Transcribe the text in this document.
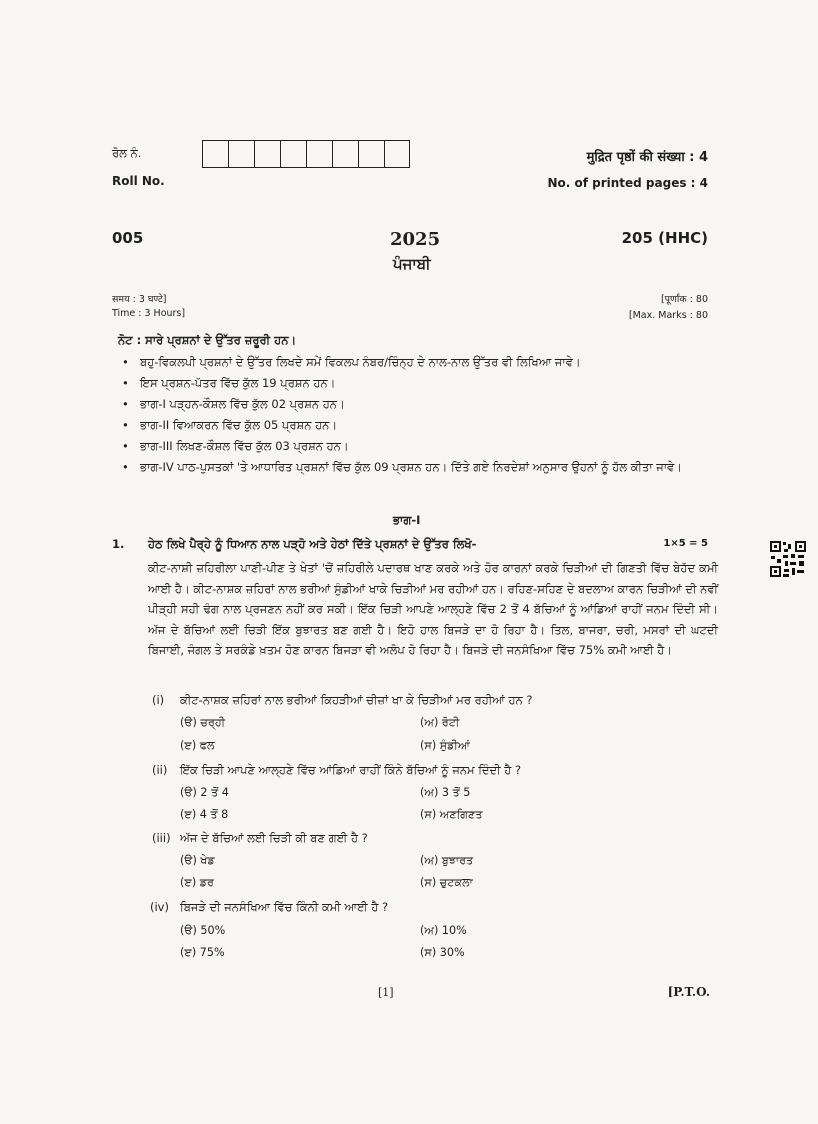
ਰੋਲ ਨੰ.	मुद्रित पृष्ठों की संख्या : 4
Roll No.	No. of printed pages : 4
005	2025	205 (HHC)
ਪੰਜਾਬੀ
समय : 3 घण्टे]	[पूर्णांक : 80
Time : 3 Hours]	[Max. Marks : 80
ਨੋਟ : ਸਾਰੇ ਪ੍ਰਸ਼ਨਾਂ ਦੇ ਉੱਤਰ ਜ਼ਰੂਰੀ ਹਨ।
• ਬਹੁ-ਵਿਕਲਪੀ ਪ੍ਰਸ਼ਨਾਂ ਦੇ ਉੱਤਰ ਲਿਖਦੇ ਸਮੇਂ ਵਿਕਲਪ ਨੰਬਰ/ਚਿੰਨ੍ਹ ਦੇ ਨਾਲ-ਨਾਲ ਉੱਤਰ ਵੀ ਲਿਖਿਆ ਜਾਵੇ।
• ਇਸ ਪ੍ਰਸ਼ਨ-ਪੱਤਰ ਵਿੱਚ ਕੁੱਲ 19 ਪ੍ਰਸ਼ਨ ਹਨ।
• ਭਾਗ-I ਪੜ੍ਹਨ-ਕੌਸ਼ਲ ਵਿੱਚ ਕੁੱਲ 02 ਪ੍ਰਸ਼ਨ ਹਨ।
• ਭਾਗ-II ਵਿਆਕਰਨ ਵਿੱਚ ਕੁੱਲ 05 ਪ੍ਰਸ਼ਨ ਹਨ।
• ਭਾਗ-III ਲਿਖਣ-ਕੌਸ਼ਲ ਵਿੱਚ ਕੁੱਲ 03 ਪ੍ਰਸ਼ਨ ਹਨ।
• ਭਾਗ-IV ਪਾਠ-ਪੁਸਤਕਾਂ 'ਤੇ ਆਧਾਰਿਤ ਪ੍ਰਸ਼ਨਾਂ ਵਿੱਚ ਕੁੱਲ 09 ਪ੍ਰਸ਼ਨ ਹਨ। ਦਿੱਤੇ ਗਏ ਨਿਰਦੇਸ਼ਾਂ ਅਨੁਸਾਰ ਉਹਨਾਂ ਨੂੰ ਹੱਲ ਕੀਤਾ ਜਾਵੇ।
ਭਾਗ-I
1. ਹੇਠ ਲਿਖੇ ਪੈਰ੍ਹੇ ਨੂੰ ਧਿਆਨ ਨਾਲ ਪੜ੍ਹੋ ਅਤੇ ਹੇਠਾਂ ਦਿੱਤੇ ਪ੍ਰਸ਼ਨਾਂ ਦੇ ਉੱਤਰ ਲਿਖੋ-	1×5 = 5
ਕੀਟ-ਨਾਸ਼ੀ ਜ਼ਹਿਰੀਲਾ ਪਾਣੀ-ਪੀਣ ਤੇ ਖੇਤਾਂ 'ਚੋਂ ਜ਼ਹਿਰੀਲੇ ਪਦਾਰਥ ਖਾਣ ਕਰਕੇ ਅਤੇ ਹੋਰ ਕਾਰਨਾਂ ਕਰਕੇ ਚਿੜੀਆਂ ਦੀ ਗਿਣਤੀ ਵਿੱਚ ਬੇਹੱਦ ਕਮੀ ਆਈ ਹੈ। ਕੀਟ-ਨਾਸ਼ਕ ਜ਼ਹਿਰਾਂ ਨਾਲ ਭਰੀਆਂ ਸੁੰਡੀਆਂ ਖਾਕੇ ਚਿੜੀਆਂ ਮਰ ਰਹੀਆਂ ਹਨ। ਰਹਿਣ-ਸਹਿਣ ਦੇ ਬਦਲਾਅ ਕਾਰਨ ਚਿੜੀਆਂ ਦੀ ਨਵੀਂ ਪੀੜ੍ਹੀ ਸਹੀ ਢੰਗ ਨਾਲ ਪ੍ਰਜਣਨ ਨਹੀਂ ਕਰ ਸਕੀ। ਇੱਕ ਚਿੜੀ ਆਪਣੇ ਆਲ੍ਹਣੇ ਵਿੱਚ 2 ਤੋਂ 4 ਬੱਚਿਆਂ ਨੂੰ ਆਂਡਿਆਂ ਰਾਹੀਂ ਜਨਮ ਦਿੰਦੀ ਸੀ। ਅੱਜ ਦੇ ਬੱਚਿਆਂ ਲਈ ਚਿੜੀ ਇੱਕ ਬੁਝਾਰਤ ਬਣ ਗਈ ਹੈ। ਇਹੋ ਹਾਲ ਬਿਜੜੇ ਦਾ ਹੋ ਰਿਹਾ ਹੈ। ਤਿਲ, ਬਾਜਰਾ, ਚਰੀ, ਮਸਰਾਂ ਦੀ ਘਟਦੀ ਬਿਜਾਈ, ਜੰਗਲ ਤੇ ਸਰਕੰਡੇ ਖ਼ਤਮ ਹੋਣ ਕਾਰਨ ਬਿਜੜਾ ਵੀ ਅਲੋਪ ਹੋ ਰਿਹਾ ਹੈ। ਬਿਜੜੇ ਦੀ ਜਨਸੰਖਿਆ ਵਿੱਚ 75% ਕਮੀ ਆਈ ਹੈ।
(i) ਕੀਟ-ਨਾਸ਼ਕ ਜ਼ਹਿਰਾਂ ਨਾਲ ਭਰੀਆਂ ਕਿਹੜੀਆਂ ਚੀਜ਼ਾਂ ਖਾ ਕੇ ਚਿੜੀਆਂ ਮਰ ਰਹੀਆਂ ਹਨ ?
(ੳ) ਚਰ੍ਹੀ	(ਅ) ਰੋਟੀ
(ੲ) ਫਲ	(ਸ) ਸੁੰਡੀਆਂ
(ii) ਇੱਕ ਚਿੜੀ ਆਪਣੇ ਆਲ੍ਹਣੇ ਵਿੱਚ ਆਂਡਿਆਂ ਰਾਹੀਂ ਕਿੰਨੇ ਬੱਚਿਆਂ ਨੂੰ ਜਨਮ ਦਿੰਦੀ ਹੈ ?
(ੳ) 2 ਤੋਂ 4	(ਅ) 3 ਤੋਂ 5
(ੲ) 4 ਤੋਂ 8	(ਸ) ਅਣਗਿਣਤ
(iii) ਅੱਜ ਦੇ ਬੱਚਿਆਂ ਲਈ ਚਿੜੀ ਕੀ ਬਣ ਗਈ ਹੈ ?
(ੳ) ਖੇਡ	(ਅ) ਬੁਝਾਰਤ
(ੲ) ਡਰ	(ਸ) ਚੁਟਕਲਾ
(iv) ਬਿਜੜੇ ਦੀ ਜਨਸੰਖਿਆ ਵਿੱਚ ਕਿੰਨੀ ਕਮੀ ਆਈ ਹੈ ?
(ੳ) 50%	(ਅ) 10%
(ੲ) 75%	(ਸ) 30%
[1]	[P.T.O.
